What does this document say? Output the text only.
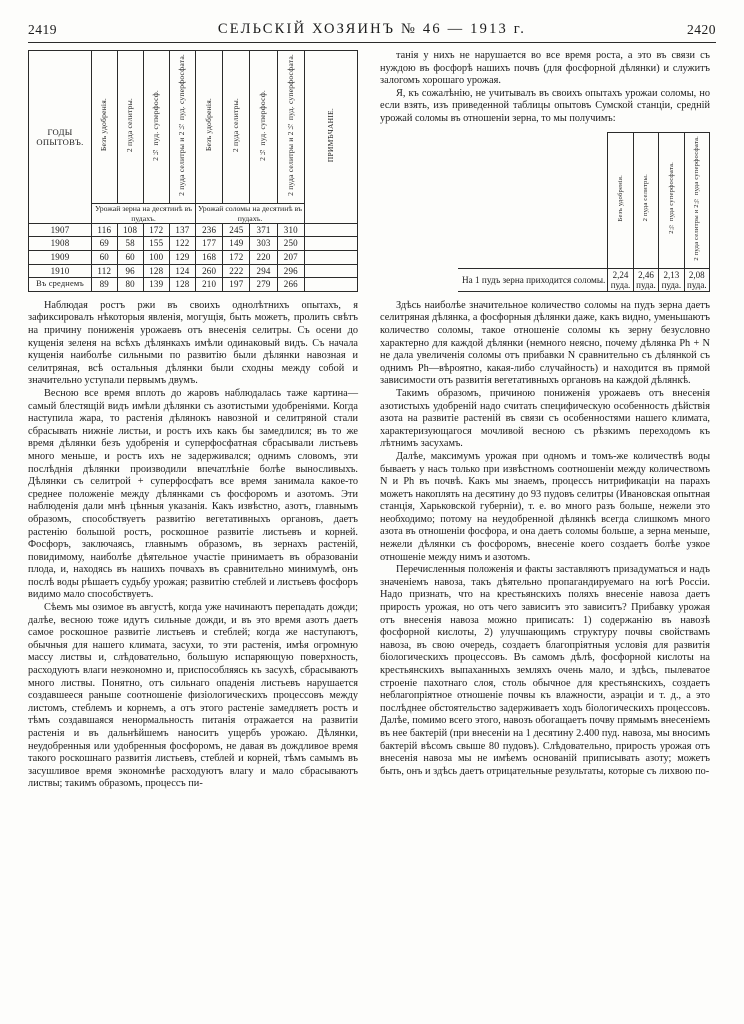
2419	СЕЛЬСКІЙ ХОЗЯИНЪ № 46 — 1913 г.	2420
ГОДЫ ОПЫТОВЪ.	Безъ удобренія.	2 пуда селитры.	2½ пуд. суперфосф.	2 пуда селитры и 2½ пуд. суперфосфата.	Безъ удобренія.	2 пуда селитры.	2½ пуд. суперфосф.	2 пуда селитры и 2½ пуд. суперфосфата.	ПРИМѢЧАНІЕ.
	Урожай зерна на десятинѣ въ пудахъ.				Урожай соломы на десятинѣ въ пудахъ.				
1907	116	108	172	137	236	245	371	310	
1908	69	58	155	122	177	149	303	250	
1909	60	60	100	129	168	172	220	207	
1910	112	96	128	124	260	222	294	296	
Въ среднемъ	89	80	139	128	210	197	279	266	

Наблюдая ростъ ржи въ своихъ однолѣтнихъ опытахъ, я зафиксировалъ нѣкоторыя явленія, могущія, быть можетъ, пролить свѣтъ на причину пониженія урожаевъ отъ внесенія селитры. Съ осени до кущенія зеленя на всѣхъ дѣлянкахъ имѣли одинаковый видъ. Съ начала кущенія наиболѣе сильными по развитію были дѣлянки навозная и селитряная, всѣ остальныя дѣлянки были сходны между собой и значительно уступали первымъ двумъ.

Весною все время вплоть до жаровъ наблюдалась таже картина—самый блестящій видъ имѣли дѣлянки съ азотистыми удобреніями. Когда наступила жара, то растенія дѣлянокъ навозной и селитряной стали сбрасывать нижніе листьи, и ростъ ихъ какъ бы замедлился; въ то же время дѣлянки безъ удобренія и суперфосфатная сбрасывали листьевъ много меньше, и ростъ ихъ не задерживался; однимъ словомъ, эти послѣднія дѣлянки производили впечатлѣніе болѣе выносливыхъ. Дѣлянки съ селитрой + суперфосфатъ все время занимала какое-то среднее положеніе между дѣлянками съ фосфоромъ и азотомъ. Эти наблюденія дали мнѣ цѣнныя указанія. Какъ извѣстно, азотъ, главнымъ образомъ, способствуетъ развитію вегетативныхъ органовъ, даетъ растенію большой ростъ, роскошное развитіе листьевъ и корней. Фосфоръ, заключаясь, главнымъ образомъ, въ зернахъ растеній, повидимому, наиболѣе дѣятельное участіе принимаетъ въ образованіи плода, и, находясь въ нашихъ почвахъ въ сравнительно минимумѣ, онъ послѣ воды рѣшаетъ судьбу урожая; развитію стеблей и листьевъ фосфоръ видимо мало способствуетъ.

Сѣемъ мы озимое въ августѣ, когда уже начинаютъ перепадать дожди; далѣе, весною тоже идутъ сильные дожди, и въ это время азотъ даетъ самое роскошное развитіе листьевъ и стеблей; когда же наступаютъ, обычныя для нашего климата, засухи, то эти растенія, имѣя огромную массу листвы и, слѣдовательно, большую испаряющую поверхность, расходуютъ влаги неэкономно и, приспособляясь къ засухѣ, сбрасываютъ много листвы. Понятно, отъ сильнаго опаденія листьевъ нарушается создавшееся раньше соотношеніе физіологическихъ процессовъ между листомъ, стеблемъ и корнемъ, а отъ этого растеніе замедляетъ ростъ и тѣмъ создавшаяся ненормальность питанія отражается на развитіи растенія и въ дальнѣйшемъ наноситъ ущербъ урожаю. Дѣлянки, неудобренныя или удобренныя фосфоромъ, не давая въ дождливое время такого роскошнаго развитія листьевъ, стеблей и корней, тѣмъ самымъ въ засушливое время экономнѣе расходуютъ влагу и мало сбрасываютъ листвы; такимъ образомъ, процессъ пи-

танія у нихъ не нарушается во все время роста, а это въ связи съ нуждою въ фосфорѣ нашихъ почвъ (для фосфорной дѣлянки) и служитъ залогомъ хорошаго урожая.

Я, къ сожалѣнію, не учитывалъ въ своихъ опытахъ урожаи соломы, но если взять, изъ приведенной таблицы опытовъ Сумской станціи, средній урожай соломы въ отношеніи зерна, то мы получимъ:

	Безъ удобренія.	2 пуда селитры.	2½ пуда суперфосфата.	2 пуда селитры и 2½ пуда суперфосфата.
На 1 пудъ зерна приходится соломы.	2,24 пуда.	2,46 пуда.	2,13 пуда.	2,08 пуда.

Здѣсь наиболѣе значительное количество соломы на пудъ зерна даетъ селитряная дѣлянка, а фосфорныя дѣлянки даже, какъ видно, уменьшаютъ количество соломы, такое отношеніе соломы къ зерну безусловно характерно для каждой дѣлянки (немного неясно, почему дѣлянка Ph + N не дала увеличенія соломы отъ прибавки N сравнительно съ дѣлянкой съ однимъ Ph—вѣроятно, какая-либо случайность) и находится въ прямой зависимости отъ развитія вегетативныхъ органовъ на каждой дѣлянкѣ.

Такимъ образомъ, причиною пониженія урожаевъ отъ внесенія азотистыхъ удобреній надо считать специфическую особенность дѣйствія азота на развитіе растеній въ связи съ особенностями нашего климата, характеризующагося мочливой весною съ рѣзкимъ переходомъ къ лѣтнимъ засухамъ.

Далѣе, максимумъ урожая при одномъ и томъ-же количествѣ воды бываетъ у насъ только при извѣстномъ соотношеніи между количествомъ N и Ph въ почвѣ. Какъ мы знаемъ, процессъ нитрификаціи на парахъ можетъ накоплять на десятину до 93 пудовъ селитры (Ивановская опытная станція, Харьковской губерніи), т. е. во много разъ больше, нежели это необходимо; потому на неудобренной дѣлянкѣ всегда слишкомъ много азота въ отношеніи фосфора, и она даетъ соломы больше, а зерна меньше, нежели дѣлянки съ фосфоромъ, внесеніе коего создаетъ болѣе узкое отношеніе между нимъ и азотомъ.

Перечисленныя положенія и факты заставляютъ призадуматься и надъ значеніемъ навоза, такъ дѣятельно пропагандируемаго на югѣ Россіи. Надо признать, что на крестьянскихъ поляхъ внесеніе навоза даетъ прирость урожая, но отъ чего зависитъ это зависитъ? Прибавку урожая отъ внесенія навоза можно приписать: 1) содержанію въ навозѣ фосфорной кислоты, 2) улучшающимъ структуру почвы свойствамъ навоза, въ свою очередь, создаетъ благопріятныя условія для развитія біологическихъ процессовъ. Въ самомъ дѣлѣ, фосфорной кислоты на крестьянскихъ выпаханныхъ земляхъ очень мало, и здѣсь, пылеватое строеніе пахотнаго слоя, столь обычное для крестьянскихъ, создаетъ неблагопріятное отношеніе почвы къ влажности, аэраціи и т. д., а это послѣднее обстоятельство задерживаетъ ходъ біологическихъ процессовъ. Далѣе, помимо всего этого, навозъ обогащаетъ почву прямымъ внесеніемъ въ нее бактерій (при внесеніи на 1 десятину 2.400 пуд. навоза, мы вносимъ бактерій вѣсомъ свыше 80 пудовъ). Слѣдовательно, прирость урожая отъ внесенія навоза мы не имѣемъ основаній приписывать азоту; можетъ быть, онъ и здѣсь даетъ отрицательные результаты, которые съ лихвою по-
